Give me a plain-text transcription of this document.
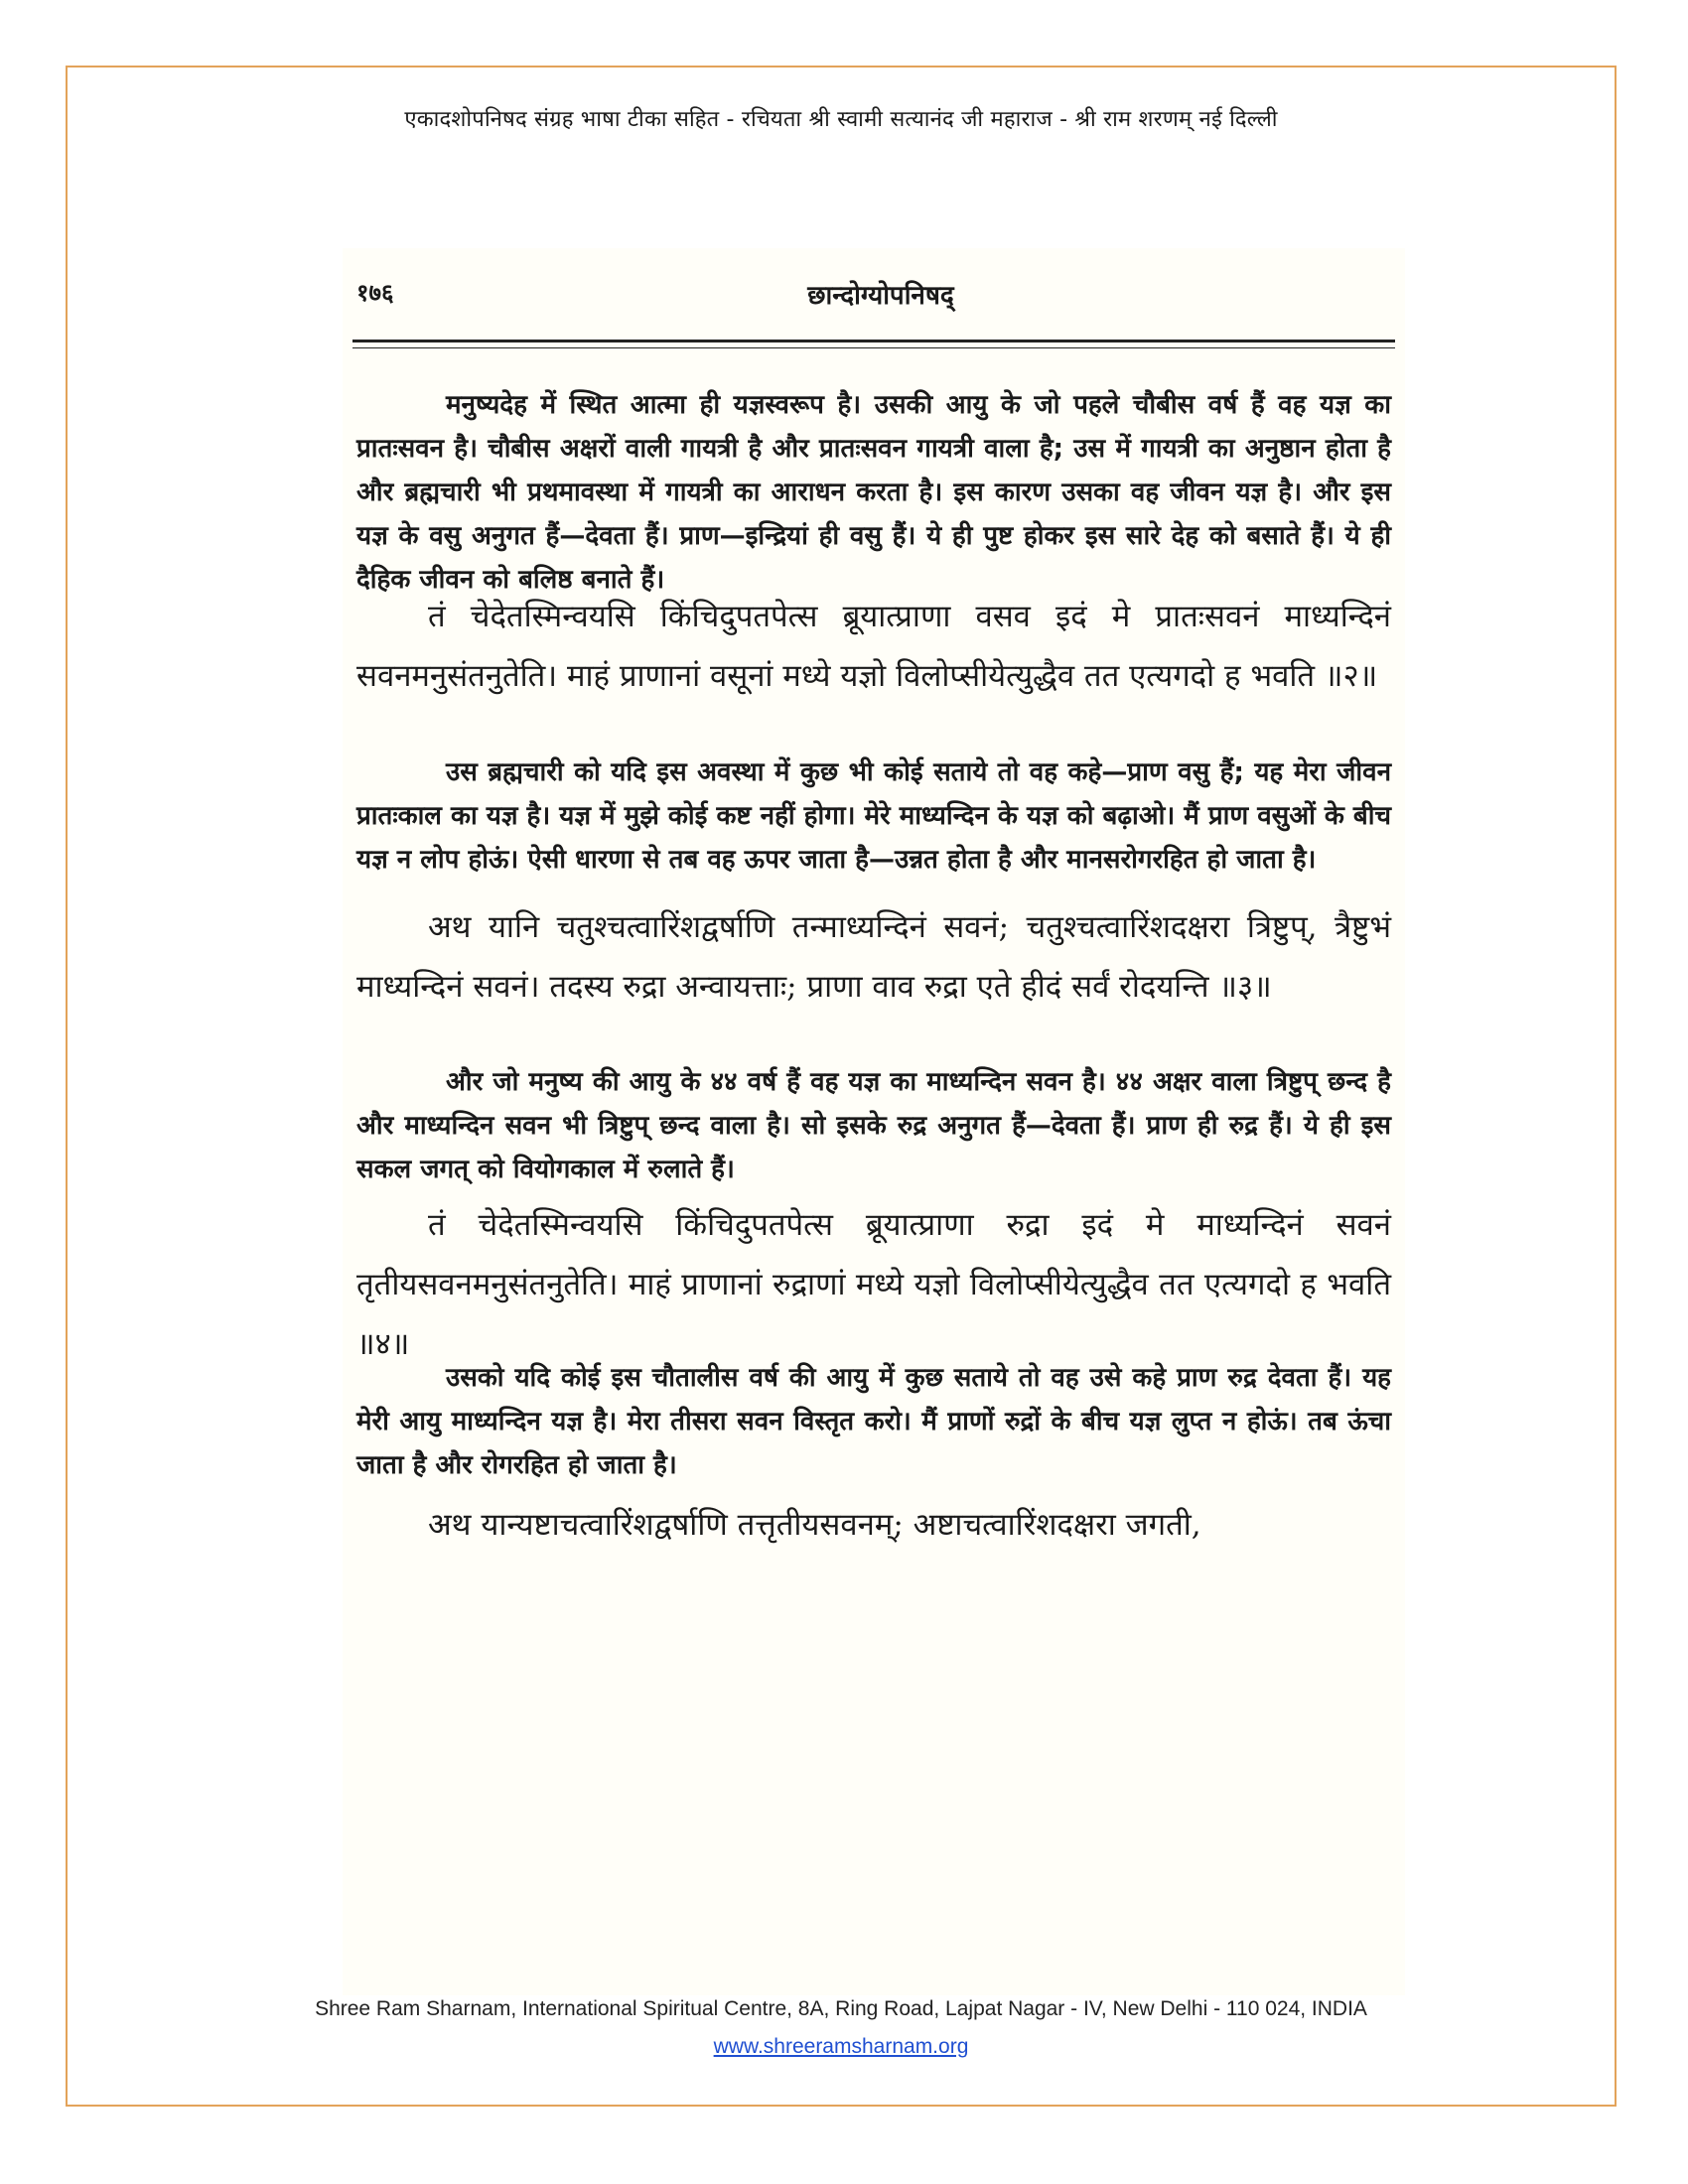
एकादशोपनिषद संग्रह भाषा टीका सहित - रचियता श्री स्वामी सत्यानंद जी महाराज - श्री राम शरणम् नई दिल्ली
१७६	छान्दोग्योपनिषद्
मनुष्यदेह में स्थित आत्मा ही यज्ञस्वरूप है। उसकी आयु के जो पहले चौबीस वर्ष हैं वह यज्ञ का प्रातःसवन है। चौबीस अक्षरों वाली गायत्री है और प्रातःसवन गायत्री वाला है; उस में गायत्री का अनुष्ठान होता है और ब्रह्मचारी भी प्रथमावस्था में गायत्री का आराधन करता है। इस कारण उसका वह जीवन यज्ञ है। और इस यज्ञ के वसु अनुगत हैं—देवता हैं। प्राण—इन्द्रियां ही वसु हैं। ये ही पुष्ट होकर इस सारे देह को बसाते हैं। ये ही दैहिक जीवन को बलिष्ठ बनाते हैं।
तं चेदेतस्मिन्वयसि किंचिदुपतपेत्स ब्रूयात्प्राणा वसव इदं मे प्रातःसवनं माध्यन्दिनं सवनमनुसंतनुतेति। माहं प्राणानां वसूनां मध्ये यज्ञो विलोप्सीयेत्युद्धैव तत एत्यगदो ह भवति ॥२॥
उस ब्रह्मचारी को यदि इस अवस्था में कुछ भी कोई सताये तो वह कहे—प्राण वसु हैं; यह मेरा जीवन प्रातःकाल का यज्ञ है। यज्ञ में मुझे कोई कष्ट नहीं होगा। मेरे माध्यन्दिन के यज्ञ को बढ़ाओ। मैं प्राण वसुओं के बीच यज्ञ न लोप होऊं। ऐसी धारणा से तब वह ऊपर जाता है—उन्नत होता है और मानसरोगरहित हो जाता है।
अथ यानि चतुश्चत्वारिंशद्वर्षाणि तन्माध्यन्दिनं सवनं; चतुश्चत्वारिंशदक्षरा त्रिष्टुप्, त्रैष्टुभं माध्यन्दिनं सवनं। तदस्य रुद्रा अन्वायत्ताः; प्राणा वाव रुद्रा एते हीदं सर्वं रोदयन्ति ॥३॥
और जो मनुष्य की आयु के ४४ वर्ष हैं वह यज्ञ का माध्यन्दिन सवन है। ४४ अक्षर वाला त्रिष्टुप् छन्द है और माध्यन्दिन सवन भी त्रिष्टुप् छन्द वाला है। सो इसके रुद्र अनुगत हैं—देवता हैं। प्राण ही रुद्र हैं। ये ही इस सकल जगत् को वियोगकाल में रुलाते हैं।
तं चेदेतस्मिन्वयसि किंचिदुपतपेत्स ब्रूयात्प्राणा रुद्रा इदं मे माध्यन्दिनं सवनं तृतीयसवनमनुसंतनुतेति। माहं प्राणानां रुद्राणां मध्ये यज्ञो विलोप्सीयेत्युद्धैव तत एत्यगदो ह भवति ॥४॥
उसको यदि कोई इस चौतालीस वर्ष की आयु में कुछ सताये तो वह उसे कहे प्राण रुद्र देवता हैं। यह मेरी आयु माध्यन्दिन यज्ञ है। मेरा तीसरा सवन विस्तृत करो। मैं प्राणों रुद्रों के बीच यज्ञ लुप्त न होऊं। तब ऊंचा जाता है और रोगरहित हो जाता है।
अथ यान्यष्टाचत्वारिंशद्वर्षाणि तत्तृतीयसवनम्; अष्टाचत्वारिंशदक्षरा जगती,
Shree Ram Sharnam, International Spiritual Centre, 8A, Ring Road, Lajpat Nagar - IV, New Delhi - 110 024, INDIA
www.shreeramsharnam.org
